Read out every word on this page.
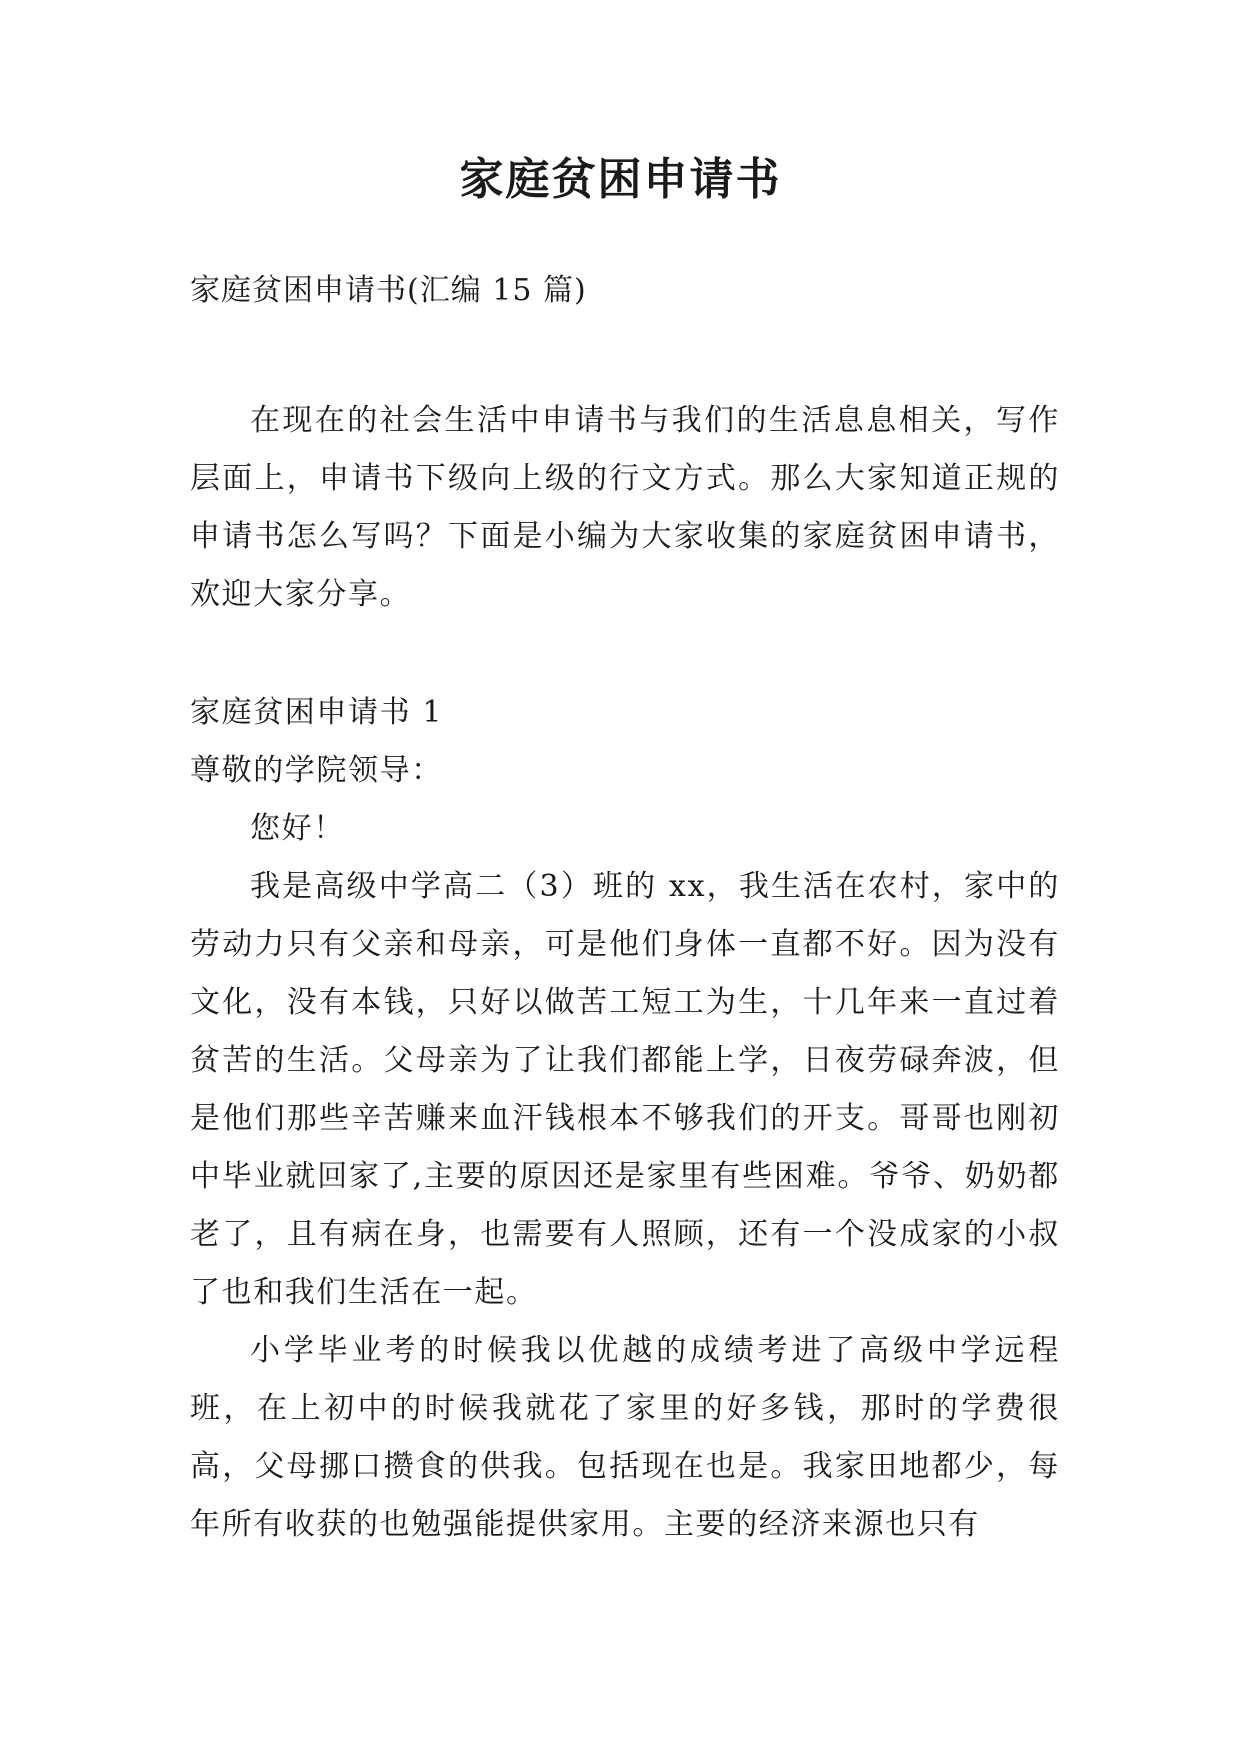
家庭贫困申请书
家庭贫困申请书(汇编 15 篇)

在现在的社会生活中申请书与我们的生活息息相关，写作层面上，申请书下级向上级的行文方式。那么大家知道正规的申请书怎么写吗？下面是小编为大家收集的家庭贫困申请书，欢迎大家分享。

家庭贫困申请书 1
尊敬的学院领导：

您好！

我是高级中学高二（3）班的 xx，我生活在农村，家中的劳动力只有父亲和母亲，可是他们身体一直都不好。因为没有文化，没有本钱，只好以做苦工短工为生，十几年来一直过着贫苦的生活。父母亲为了让我们都能上学，日夜劳碌奔波，但是他们那些辛苦赚来血汗钱根本不够我们的开支。哥哥也刚初中毕业就回家了,主要的原因还是家里有些困难。爷爷、奶奶都老了，且有病在身，也需要有人照顾，还有一个没成家的小叔了也和我们生活在一起。

小学毕业考的时候我以优越的成绩考进了高级中学远程班，在上初中的时候我就花了家里的好多钱，那时的学费很高，父母挪口攒食的供我。包括现在也是。我家田地都少，每年所有收获的也勉强能提供家用。主要的经济来源也只有
